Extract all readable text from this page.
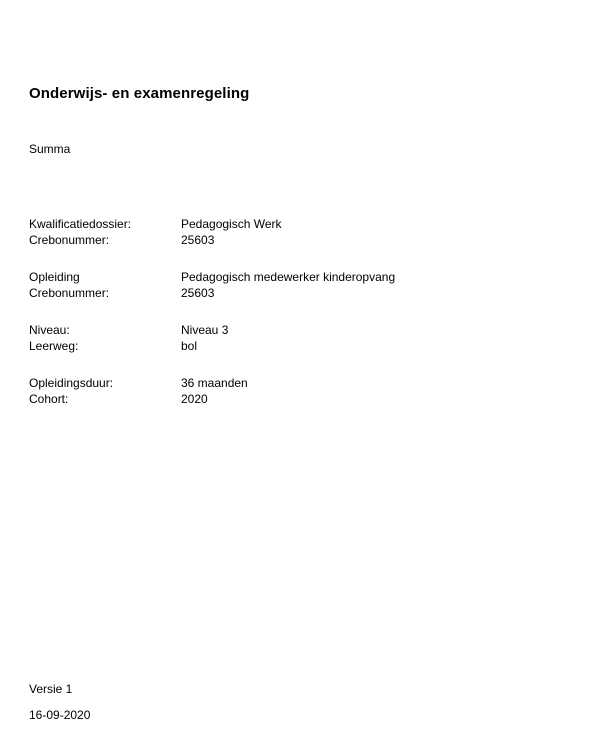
Onderwijs- en examenregeling
Summa
Kwalificatiedossier:	Pedagogisch Werk
Crebonummer:	25603
Opleiding	Pedagogisch medewerker kinderopvang
Crebonummer:	25603
Niveau:	Niveau 3
Leerweg:	bol
Opleidingsduur:	36 maanden
Cohort:	2020
Versie 1
16-09-2020
